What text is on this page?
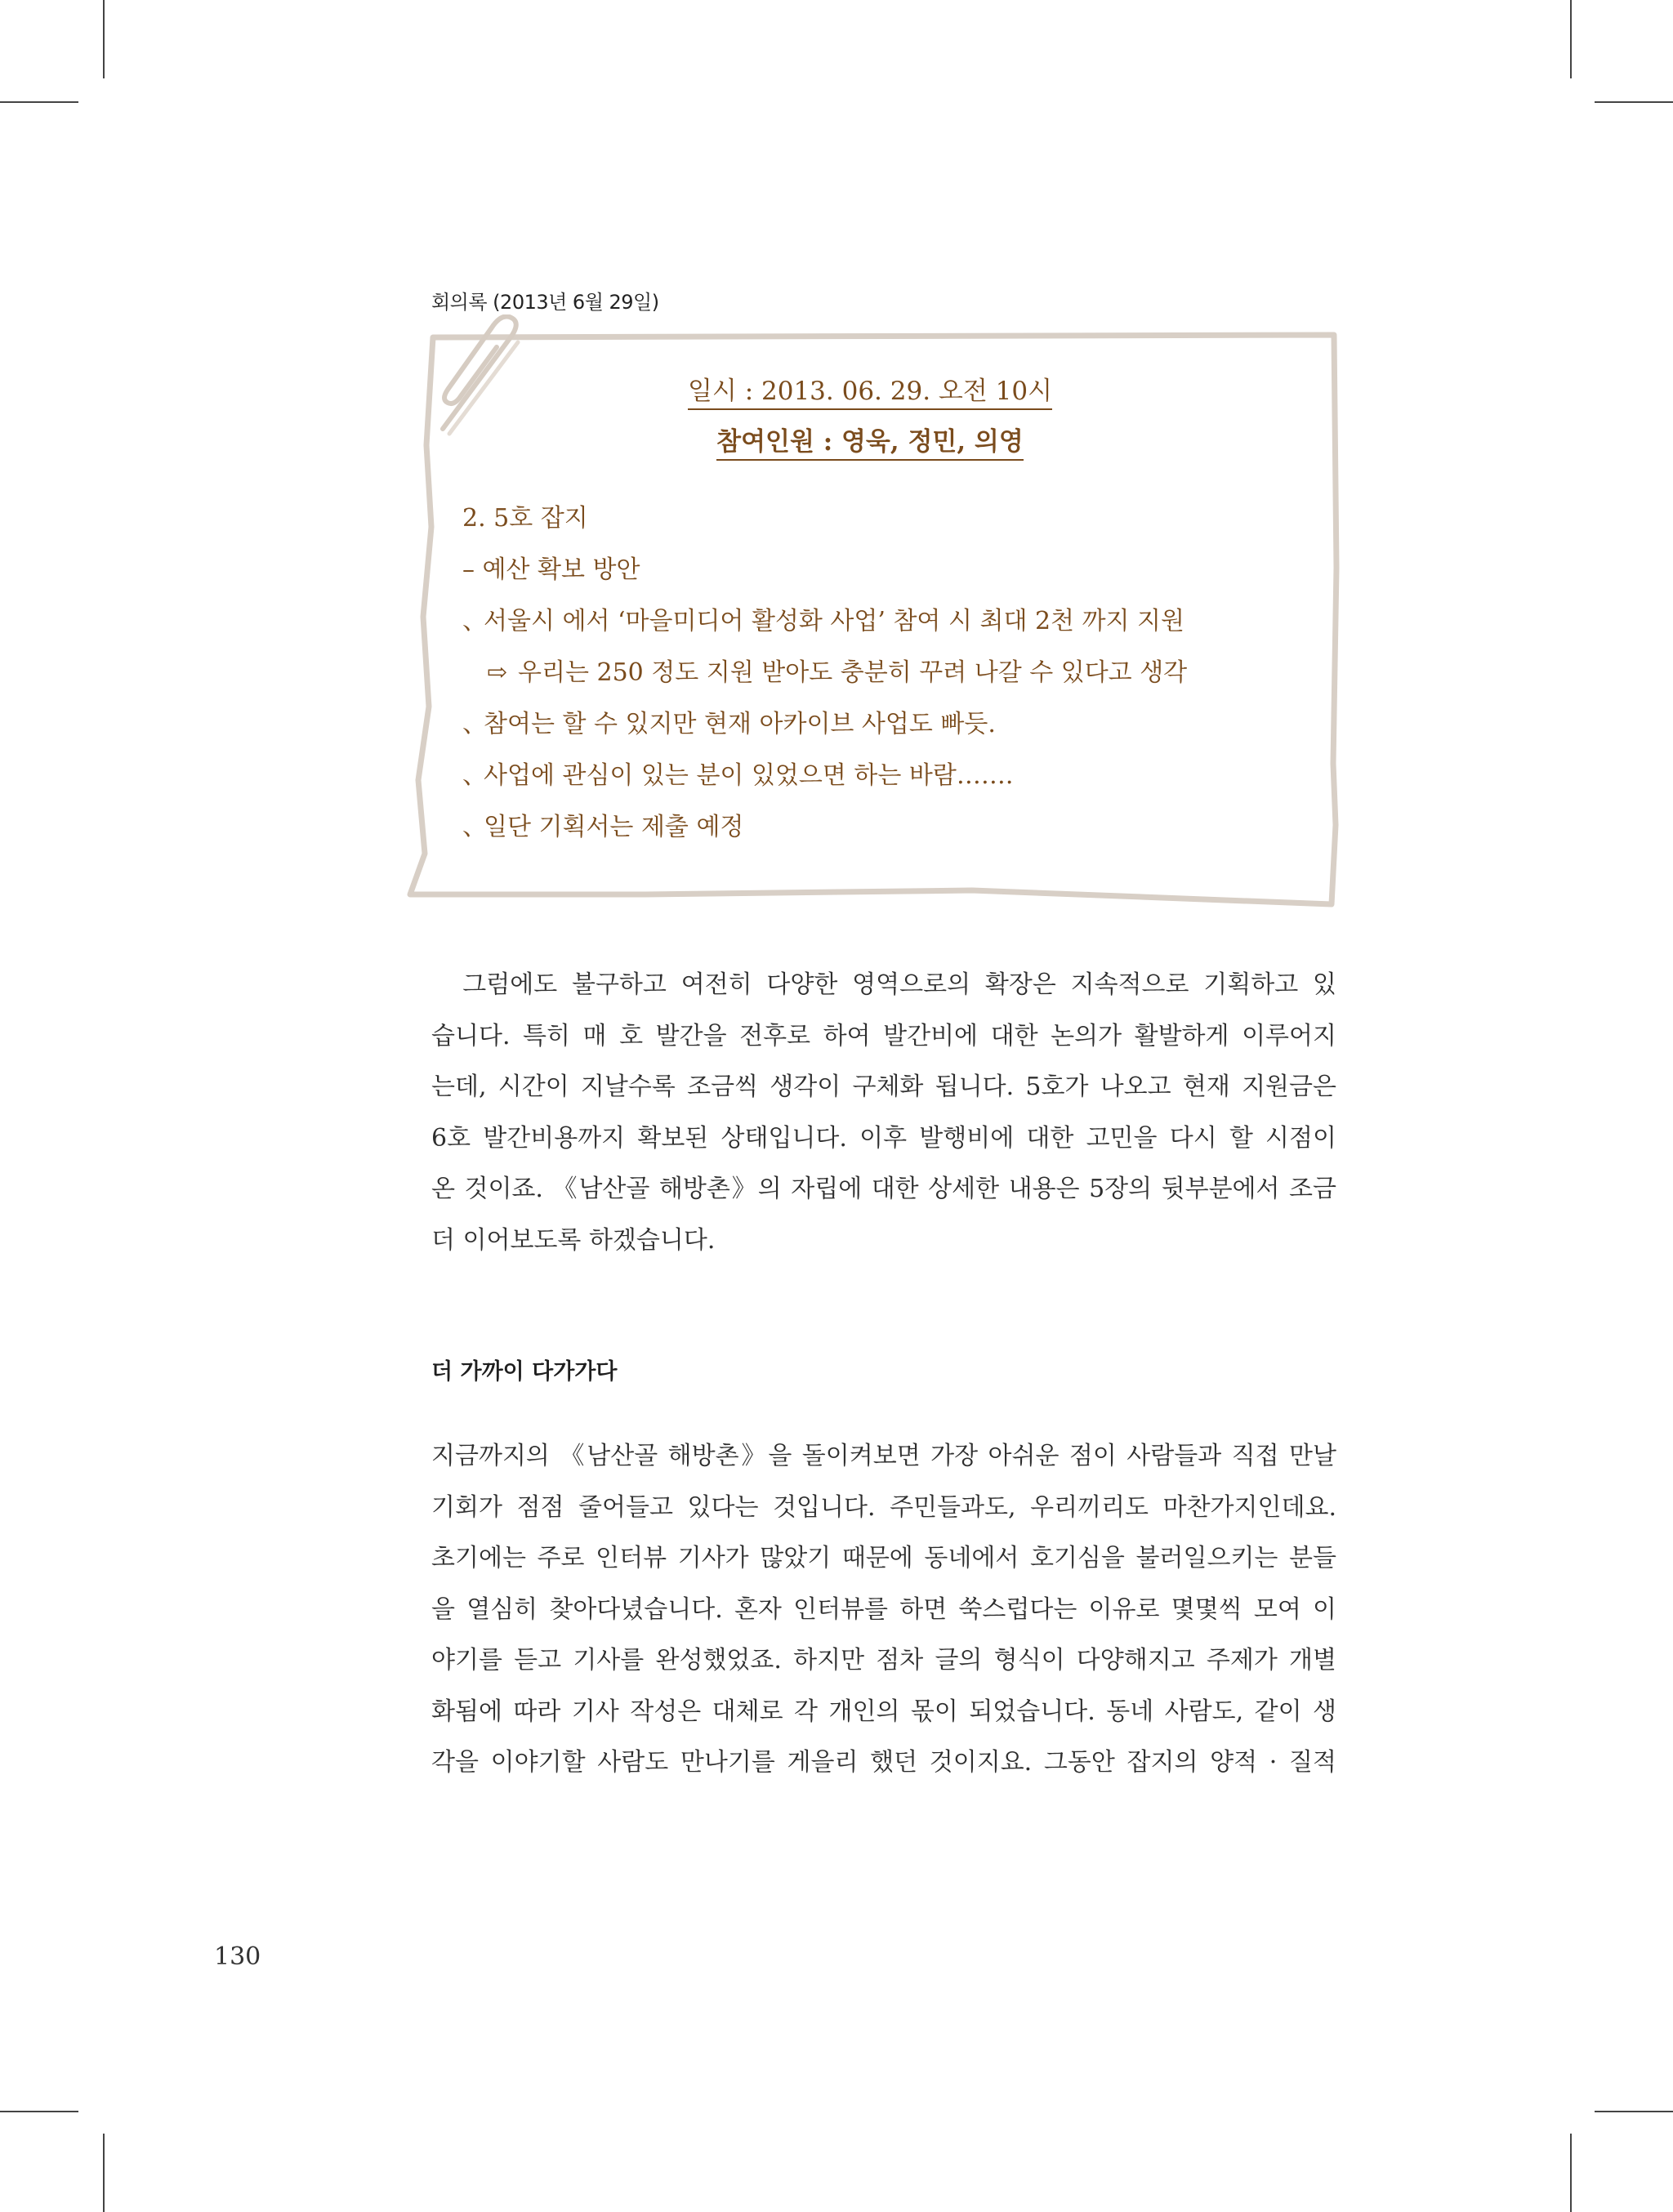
회의록 (2013년 6월 29일)
일시 : 2013. 06. 29. 오전 10시
참여인원 : 영욱, 정민, 의영
2. 5호 잡지
– 예산 확보 방안
、서울시 에서 ‘마을미디어 활성화 사업’ 참여 시 최대 2천 까지 지원
⇨ 우리는 250 정도 지원 받아도 충분히 꾸려 나갈 수 있다고 생각
、참여는 할 수 있지만 현재 아카이브 사업도 빠듯.
、사업에 관심이 있는 분이 있었으면 하는 바람…….
、일단 기획서는 제출 예정
　그럼에도 불구하고 여전히 다양한 영역으로의 확장은 지속적으로 기획하고 있
습니다. 특히 매 호 발간을 전후로 하여 발간비에 대한 논의가 활발하게 이루어지
는데, 시간이 지날수록 조금씩 생각이 구체화 됩니다. 5호가 나오고 현재 지원금은
6호 발간비용까지 확보된 상태입니다. 이후 발행비에 대한 고민을 다시 할 시점이
온 것이죠. 《남산골 해방촌》의 자립에 대한 상세한 내용은 5장의 뒷부분에서 조금
더 이어보도록 하겠습니다.
더 가까이 다가가다
지금까지의 《남산골 해방촌》을 돌이켜보면 가장 아쉬운 점이 사람들과 직접 만날
기회가 점점 줄어들고 있다는 것입니다. 주민들과도, 우리끼리도 마찬가지인데요.
초기에는 주로 인터뷰 기사가 많았기 때문에 동네에서 호기심을 불러일으키는 분들
을 열심히 찾아다녔습니다. 혼자 인터뷰를 하면 쑥스럽다는 이유로 몇몇씩 모여 이
야기를 듣고 기사를 완성했었죠. 하지만 점차 글의 형식이 다양해지고 주제가 개별
화됨에 따라 기사 작성은 대체로 각 개인의 몫이 되었습니다. 동네 사람도, 같이 생
각을 이야기할 사람도 만나기를 게을리 했던 것이지요. 그동안 잡지의 양적 · 질적
130
